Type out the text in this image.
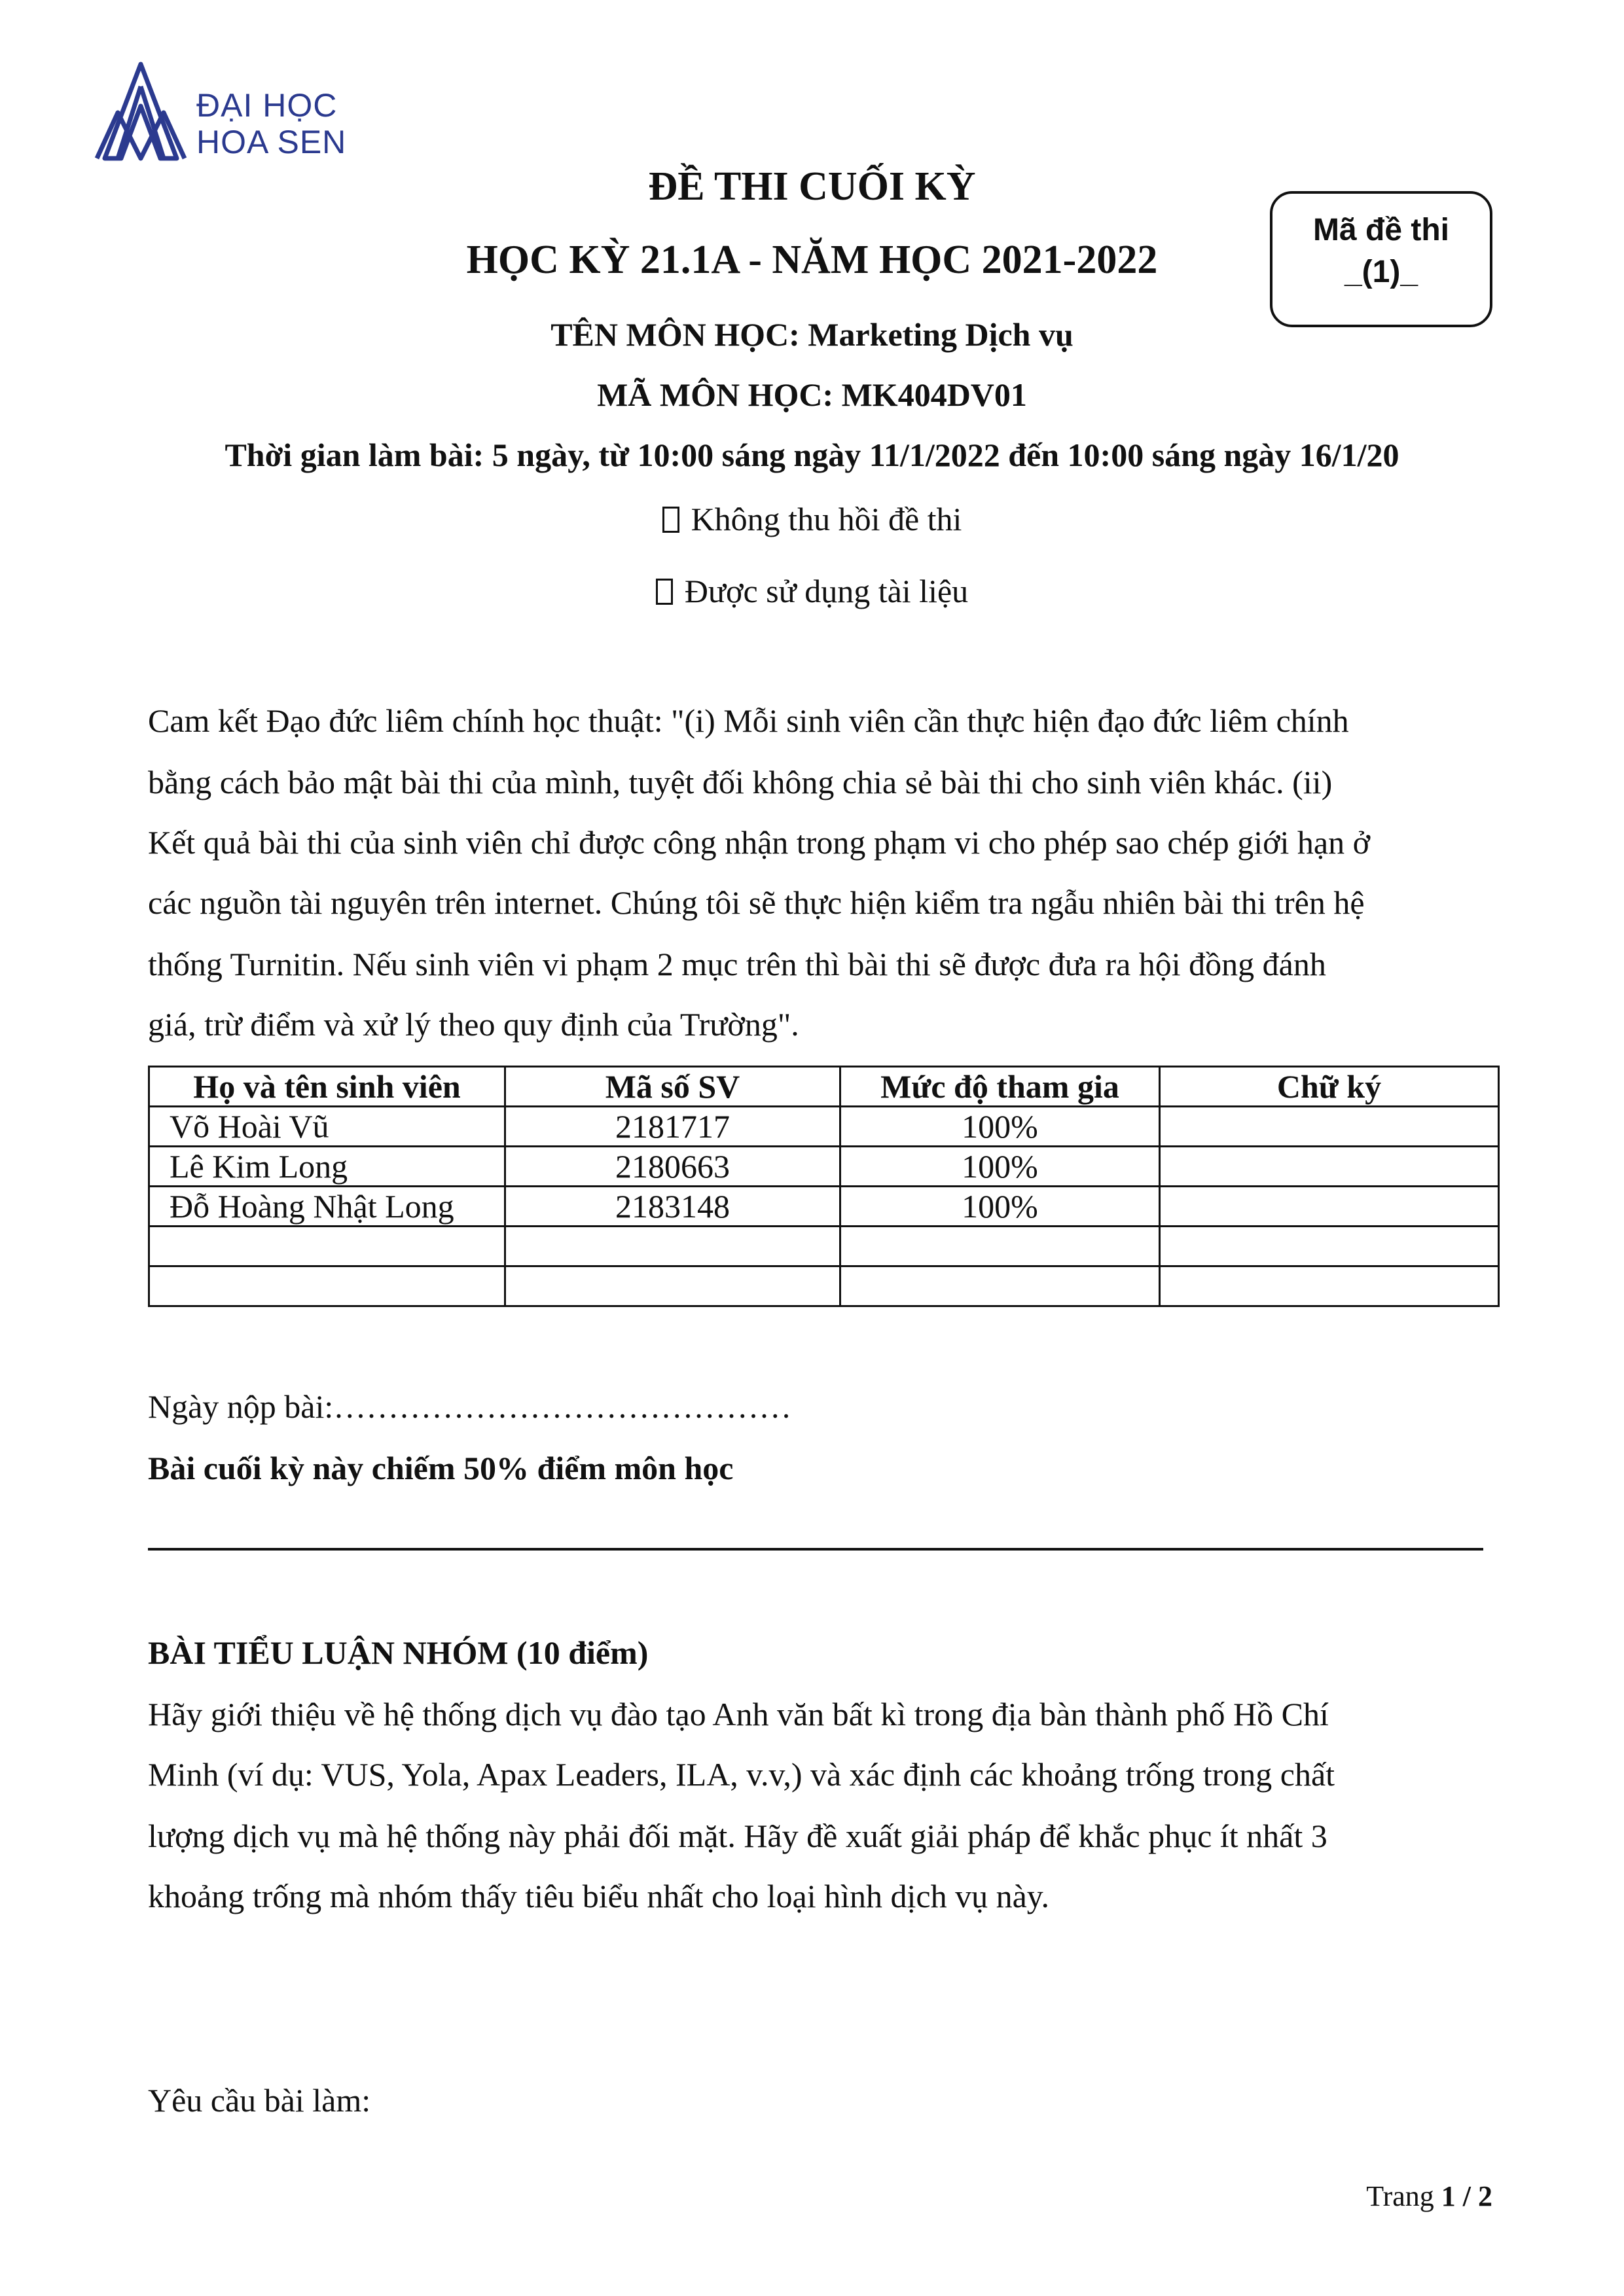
ĐẠI HỌC
HOA SEN
Mã đề thi
_(1)_
ĐỀ THI CUỐI KỲ
HỌC KỲ 21.1A - NĂM HỌC 2021-2022
TÊN MÔN HỌC: Marketing Dịch vụ
MÃ MÔN HỌC: MK404DV01
Thời gian làm bài: 5 ngày, từ 10:00 sáng ngày 11/1/2022 đến 10:00 sáng ngày 16/1/20
Không thu hồi đề thi
Được sử dụng tài liệu
Cam kết Đạo đức liêm chính học thuật: "(i) Mỗi sinh viên cần thực hiện đạo đức liêm chính
bằng cách bảo mật bài thi của mình, tuyệt đối không chia sẻ bài thi cho sinh viên khác. (ii)
Kết quả bài thi của sinh viên chỉ được công nhận trong phạm vi cho phép sao chép giới hạn ở
các nguồn tài nguyên trên internet. Chúng tôi sẽ thực hiện kiểm tra ngẫu nhiên bài thi trên hệ
thống Turnitin. Nếu sinh viên vi phạm 2 mục trên thì bài thi sẽ được đưa ra hội đồng đánh
giá, trừ điểm và xử lý theo quy định của Trường".
Họ và tên sinh viên	Mã số SV	Mức độ tham gia	Chữ ký
Võ Hoài Vũ	2181717	100%	
Lê Kim Long	2180663	100%	
Đỗ Hoàng Nhật Long	2183148	100%	

Ngày nộp bài:……………………………………
Bài cuối kỳ này chiếm 50% điểm môn học
BÀI TIỂU LUẬN NHÓM (10 điểm)
Hãy giới thiệu về hệ thống dịch vụ đào tạo Anh văn bất kì trong địa bàn thành phố Hồ Chí
Minh (ví dụ: VUS, Yola, Apax Leaders, ILA, v.v,) và xác định các khoảng trống trong chất
lượng dịch vụ mà hệ thống này phải đối mặt. Hãy đề xuất giải pháp để khắc phục ít nhất 3
khoảng trống mà nhóm thấy tiêu biểu nhất cho loại hình dịch vụ này.
Yêu cầu bài làm:
Trang 1 / 2
